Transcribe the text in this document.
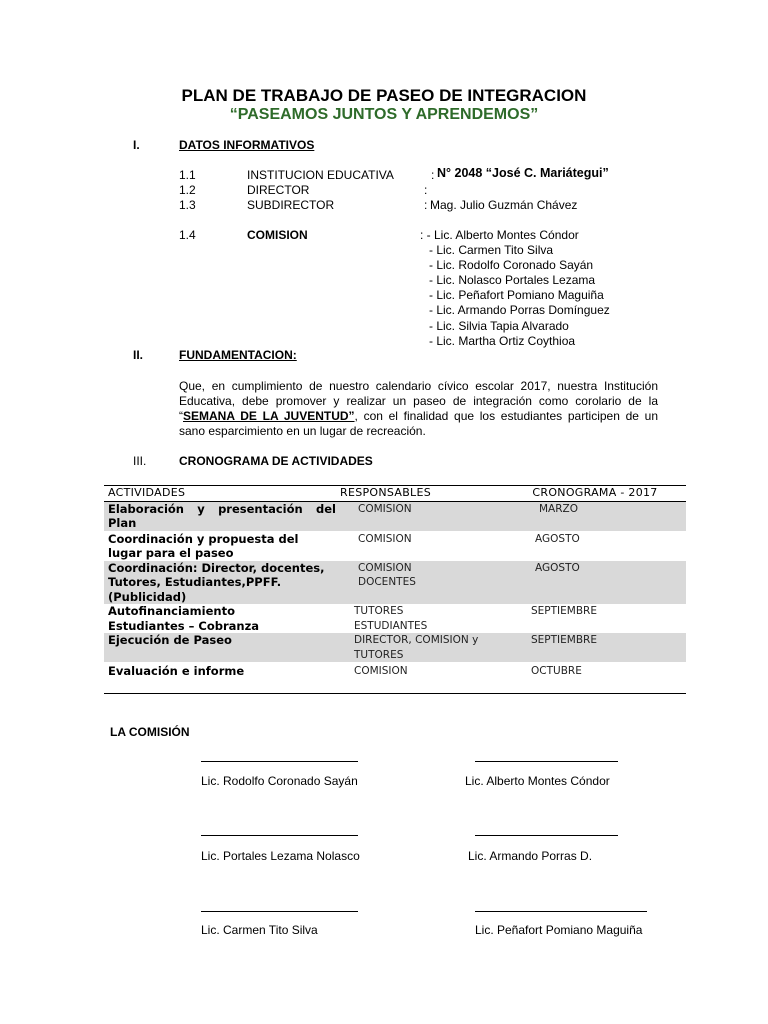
PLAN DE TRABAJO DE PASEO DE INTEGRACION
“PASEAMOS JUNTOS Y APRENDEMOS”
I.	DATOS INFORMATIVOS
1.1	INSTITUCION EDUCATIVA	: N° 2048 “José C. Mariátegui”
1.2	DIRECTOR	:
1.3	SUBDIRECTOR	: Mag. Julio Guzmán Chávez
1.4	COMISION	: - Lic. Alberto Montes Cóndor
- Lic. Carmen Tito Silva
- Lic. Rodolfo Coronado Sayán
- Lic. Nolasco Portales Lezama
- Lic. Peñafort Pomiano Maguiña
- Lic. Armando Porras Domínguez
- Lic. Silvia Tapia Alvarado
- Lic. Martha Ortiz Coythioa
II.	FUNDAMENTACION:
Que, en cumplimiento de nuestro calendario cívico escolar 2017, nuestra Institución Educativa, debe promover y realizar un paseo de integración como corolario de la “SEMANA DE LA JUVENTUD”, con el finalidad que los estudiantes participen de un sano esparcimiento en un lugar de recreación.
III.	CRONOGRAMA DE ACTIVIDADES
ACTIVIDADES	RESPONSABLES	CRONOGRAMA - 2017
Elaboración y presentación del Plan	COMISION	MARZO
Coordinación y propuesta del lugar para el paseo	COMISION	AGOSTO
Coordinación: Director, docentes, Tutores, Estudiantes,PPFF.(Publicidad)	COMISION DOCENTES	AGOSTO
Autofinanciamiento Estudiantes – Cobranza	TUTORES ESTUDIANTES	SEPTIEMBRE
Ejecución de Paseo	DIRECTOR, COMISION y TUTORES	SEPTIEMBRE
Evaluación e informe	COMISION	OCTUBRE
LA COMISIÓN
Lic. Rodolfo Coronado Sayán	Lic. Alberto Montes Cóndor
Lic. Portales Lezama Nolasco	Lic. Armando Porras D.
Lic. Carmen Tito Silva	Lic. Peñafort Pomiano Maguiña
